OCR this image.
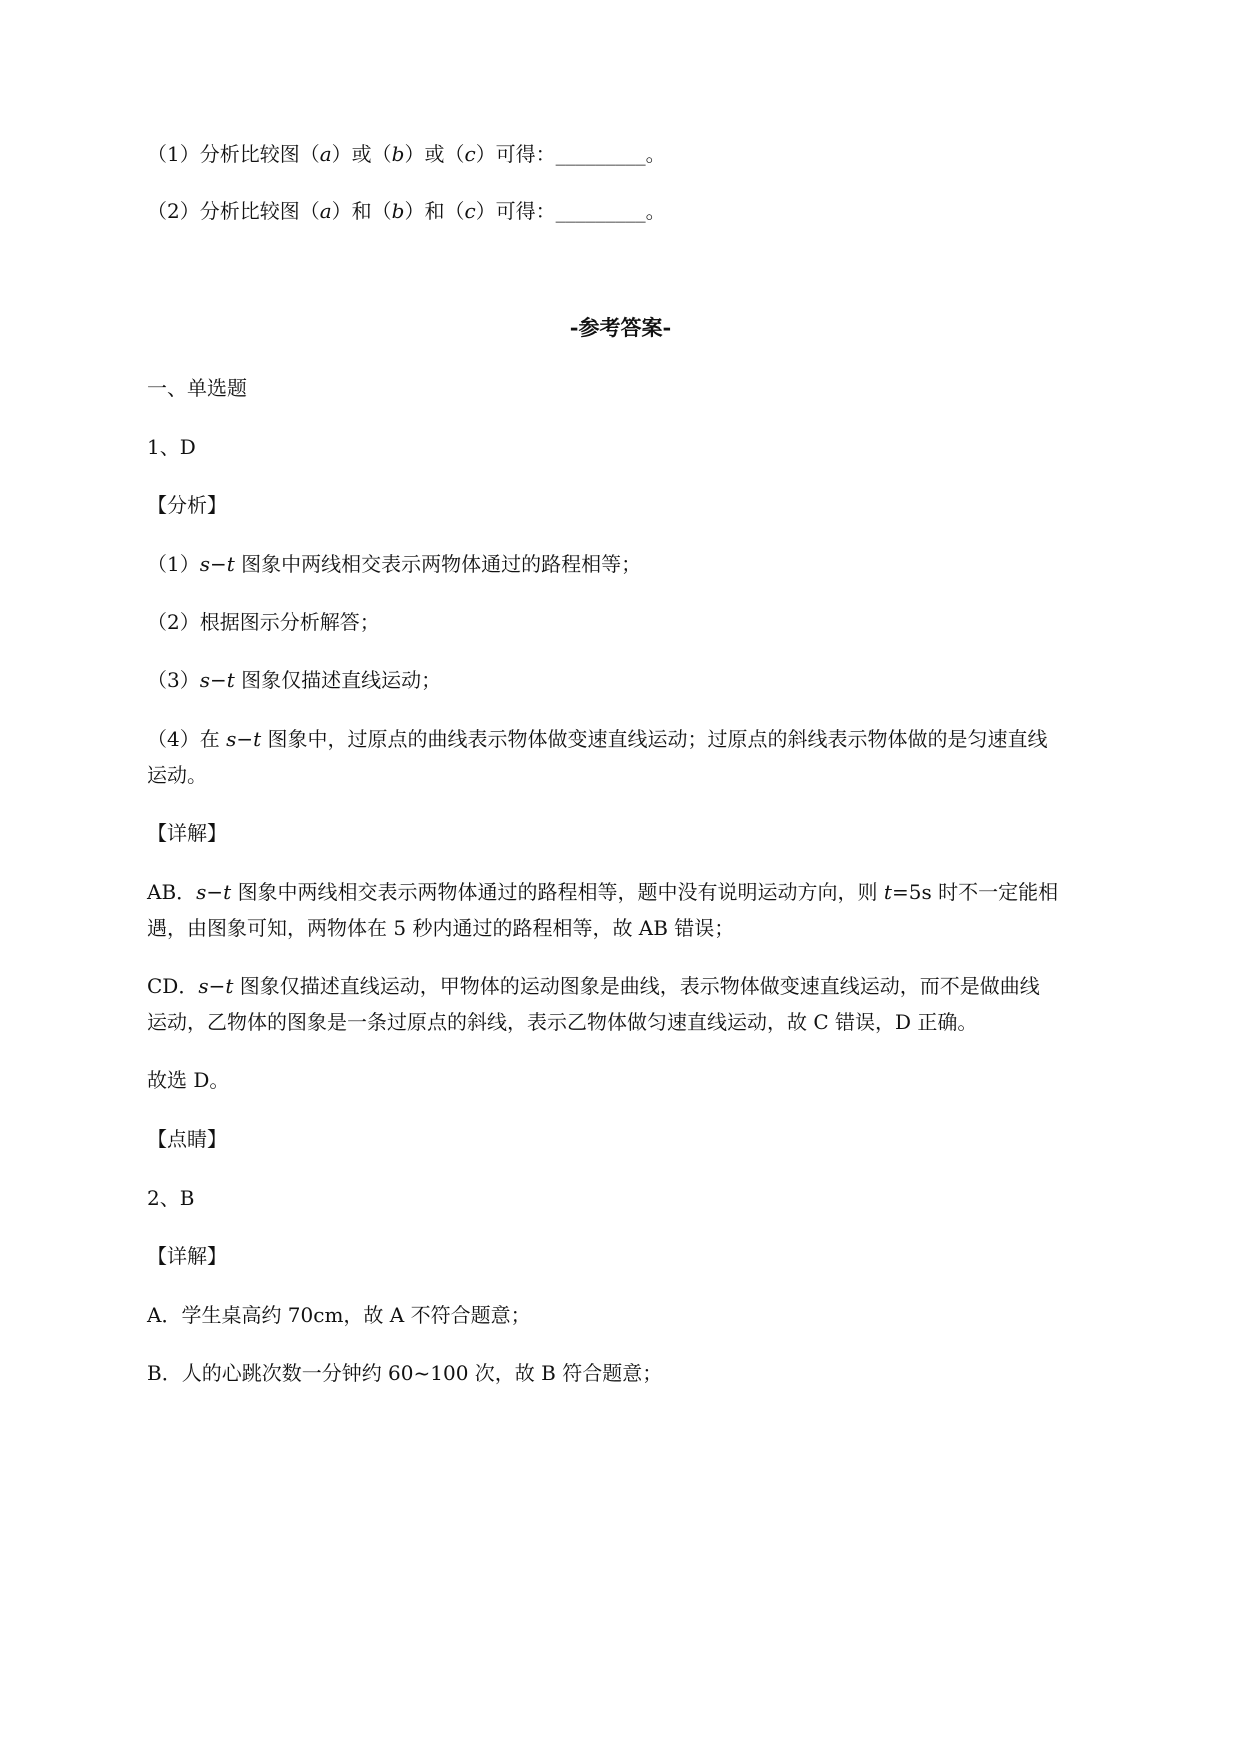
（1）分析比较图（a）或（b）或（c）可得：_________。
（2）分析比较图（a）和（b）和（c）可得：_________。
-参考答案-
一、单选题
1、D
【分析】
（1）s−t 图象中两线相交表示两物体通过的路程相等；
（2）根据图示分析解答；
（3）s−t 图象仅描述直线运动；
（4）在 s−t 图象中，过原点的曲线表示物体做变速直线运动；过原点的斜线表示物体做的是匀速直线
运动。
【详解】
AB．s−t 图象中两线相交表示两物体通过的路程相等，题中没有说明运动方向，则 t=5s 时不一定能相
遇，由图象可知，两物体在 5 秒内通过的路程相等，故 AB 错误；
CD．s−t 图象仅描述直线运动，甲物体的运动图象是曲线，表示物体做变速直线运动，而不是做曲线
运动，乙物体的图象是一条过原点的斜线，表示乙物体做匀速直线运动，故 C 错误，D 正确。
故选 D。
【点睛】
2、B
【详解】
A．学生桌高约 70cm，故 A 不符合题意；
B．人的心跳次数一分钟约 60~100 次，故 B 符合题意；
